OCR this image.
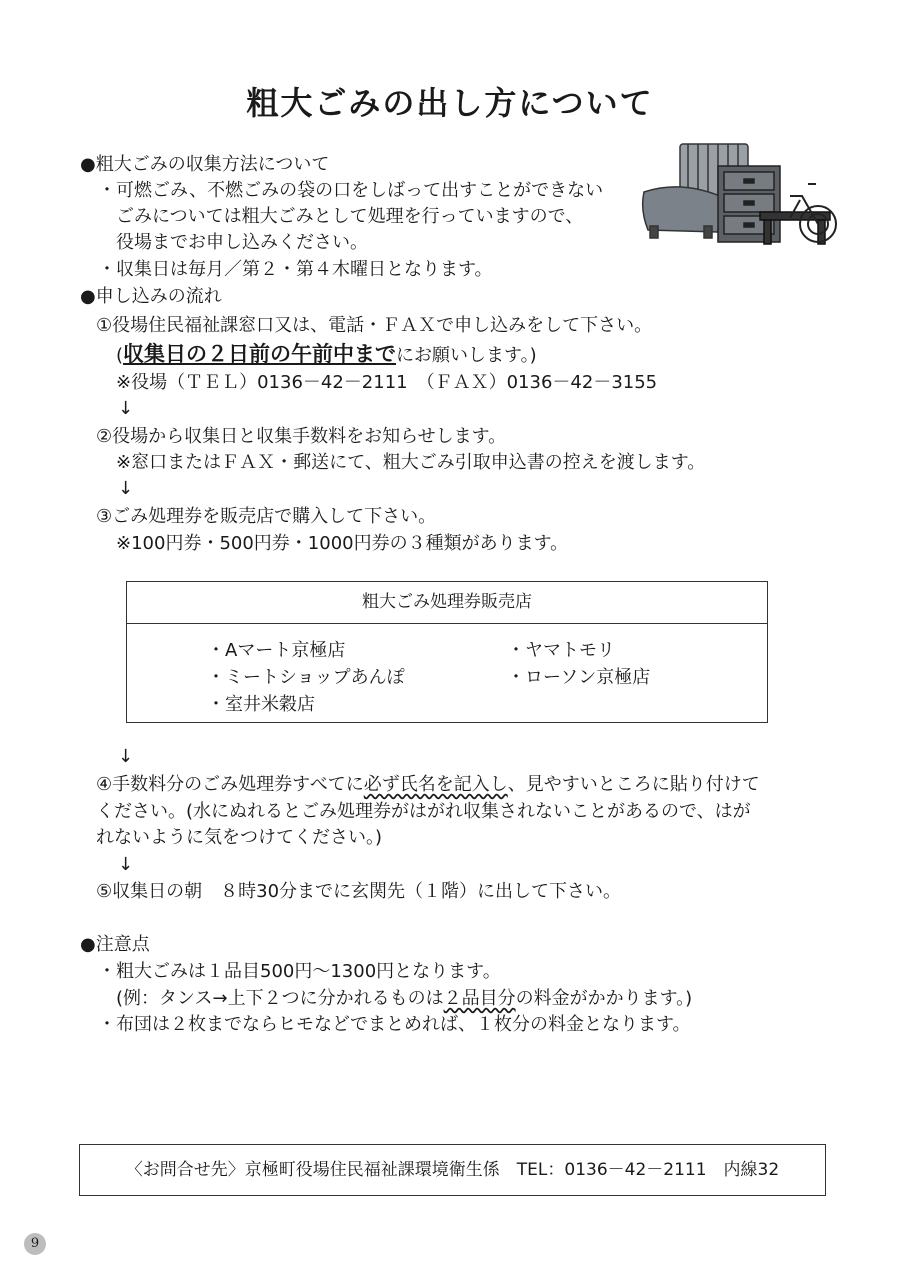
粗大ごみの出し方について
●粗大ごみの収集方法について
・可燃ごみ、不燃ごみの袋の口をしばって出すことができない
ごみについては粗大ごみとして処理を行っていますので、
役場までお申し込みください。
・収集日は毎月／第２・第４木曜日となります。
●申し込みの流れ
①役場住民福祉課窓口又は、電話・ＦＡＸで申し込みをして下さい。
(収集日の２日前の午前中までにお願いします。)
※役場（ＴＥＬ）0136－42－2111　（ＦＡＸ）0136－42－3155
↓
②役場から収集日と収集手数料をお知らせします。
※窓口またはＦＡＸ・郵送にて、粗大ごみ引取申込書の控えを渡します。
↓
③ごみ処理券を販売店で購入して下さい。
※100円券・500円券・1000円券の３種類があります。
粗大ごみ処理券販売店
・Aマート京極店	・ヤマトモリ
・ミートショップあんぽ	・ローソン京極店
・室井米穀店
↓
④手数料分のごみ処理券すべてに必ず氏名を記入し、見やすいところに貼り付けて
ください。(水にぬれるとごみ処理券がはがれ収集されないことがあるので、はが
れないように気をつけてください。)
↓
⑤収集日の朝　８時30分までに玄関先（１階）に出して下さい。
●注意点
・粗大ごみは１品目500円～1300円となります。
(例：タンス→上下２つに分かれるものは２品目分の料金がかかります。)
・布団は２枚までならヒモなどでまとめれば、１枚分の料金となります。
〈お問合せ先〉京極町役場住民福祉課環境衛生係　TEL：0136－42－2111　内線32
9
